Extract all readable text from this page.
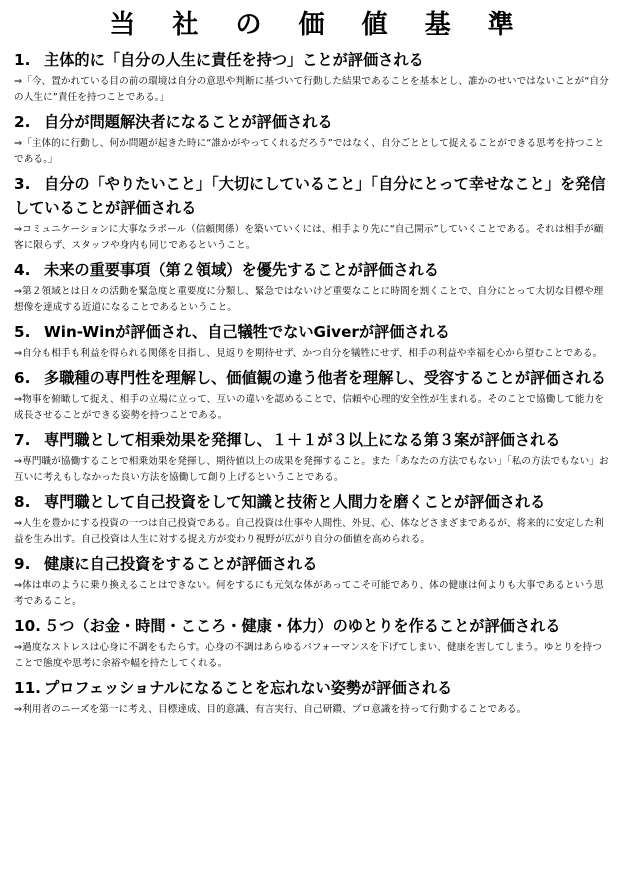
当 社 の 価 値 基 準

1. 主体的に「自分の人生に責任を持つ」ことが評価される

⇒「今、置かれている目の前の環境は自分の意思や判断に基づいて行動した結果であることを基本とし、誰かのせいではないことが“自分の人生に”責任を持つことである。」

2. 自分が問題解決者になることが評価される

⇒「主体的に行動し、何か問題が起きた時に“誰かがやってくれるだろう”ではなく、自分ごととして捉えることができる思考を持つことである。」

3. 自分の「やりたいこと」「大切にしていること」「自分にとって幸せなこと」を発信していることが評価される

⇒コミュニケーションに大事なラポール（信頼関係）を築いていくには、相手より先に“自己開示”していくことである。それは相手が顧客に限らず、スタッフや身内も同じであるということ。

4. 未来の重要事項（第２領域）を優先することが評価される

⇒第２領域とは日々の活動を緊急度と重要度に分類し、緊急ではないけど重要なことに時間を割くことで、自分にとって大切な目標や理想像を達成する近道になることであるということ。

5. Win-Winが評価され、自己犠牲でないGiverが評価される

⇒自分も相手も利益を得られる関係を目指し、見返りを期待せず、かつ自分を犠牲にせず、相手の利益や幸福を心から望むことである。

6. 多職種の専門性を理解し、価値観の違う他者を理解し、受容することが評価される

⇒物事を俯瞰して捉え、相手の立場に立って、互いの違いを認めることで、信頼や心理的安全性が生まれる。そのことで協働して能力を成長させることができる姿勢を持つことである。

7. 専門職として相乗効果を発揮し、１＋１が３以上になる第３案が評価される

⇒専門職が協働することで相乗効果を発揮し、期待値以上の成果を発揮すること。また「あなたの方法でもない」「私の方法でもない」お互いに考えもしなかった良い方法を協働して創り上げるということである。

8. 専門職として自己投資をして知識と技術と人間力を磨くことが評価される

⇒人生を豊かにする投資の一つは自己投資である。自己投資は仕事や人間性、外見、心、体などさまざまであるが、将来的に安定した利益を生み出す。自己投資は人生に対する捉え方が変わり視野が広がり自分の価値を高められる。

9. 健康に自己投資をすることが評価される

⇒体は車のように乗り換えることはできない。何をするにも元気な体があってこそ可能であり、体の健康は何よりも大事であるという思考であること。

10. ５つ（お金・時間・こころ・健康・体力）のゆとりを作ることが評価される

⇒過度なストレスは心身に不調をもたらす。心身の不調はあらゆるパフォーマンスを下げてしまい、健康を害してしまう。ゆとりを持つことで態度や思考に余裕や幅を持たしてくれる。

11. プロフェッショナルになることを忘れない姿勢が評価される

⇒利用者のニーズを第一に考え、目標達成、目的意識、有言実行、自己研鑽、プロ意識を持って行動することである。
